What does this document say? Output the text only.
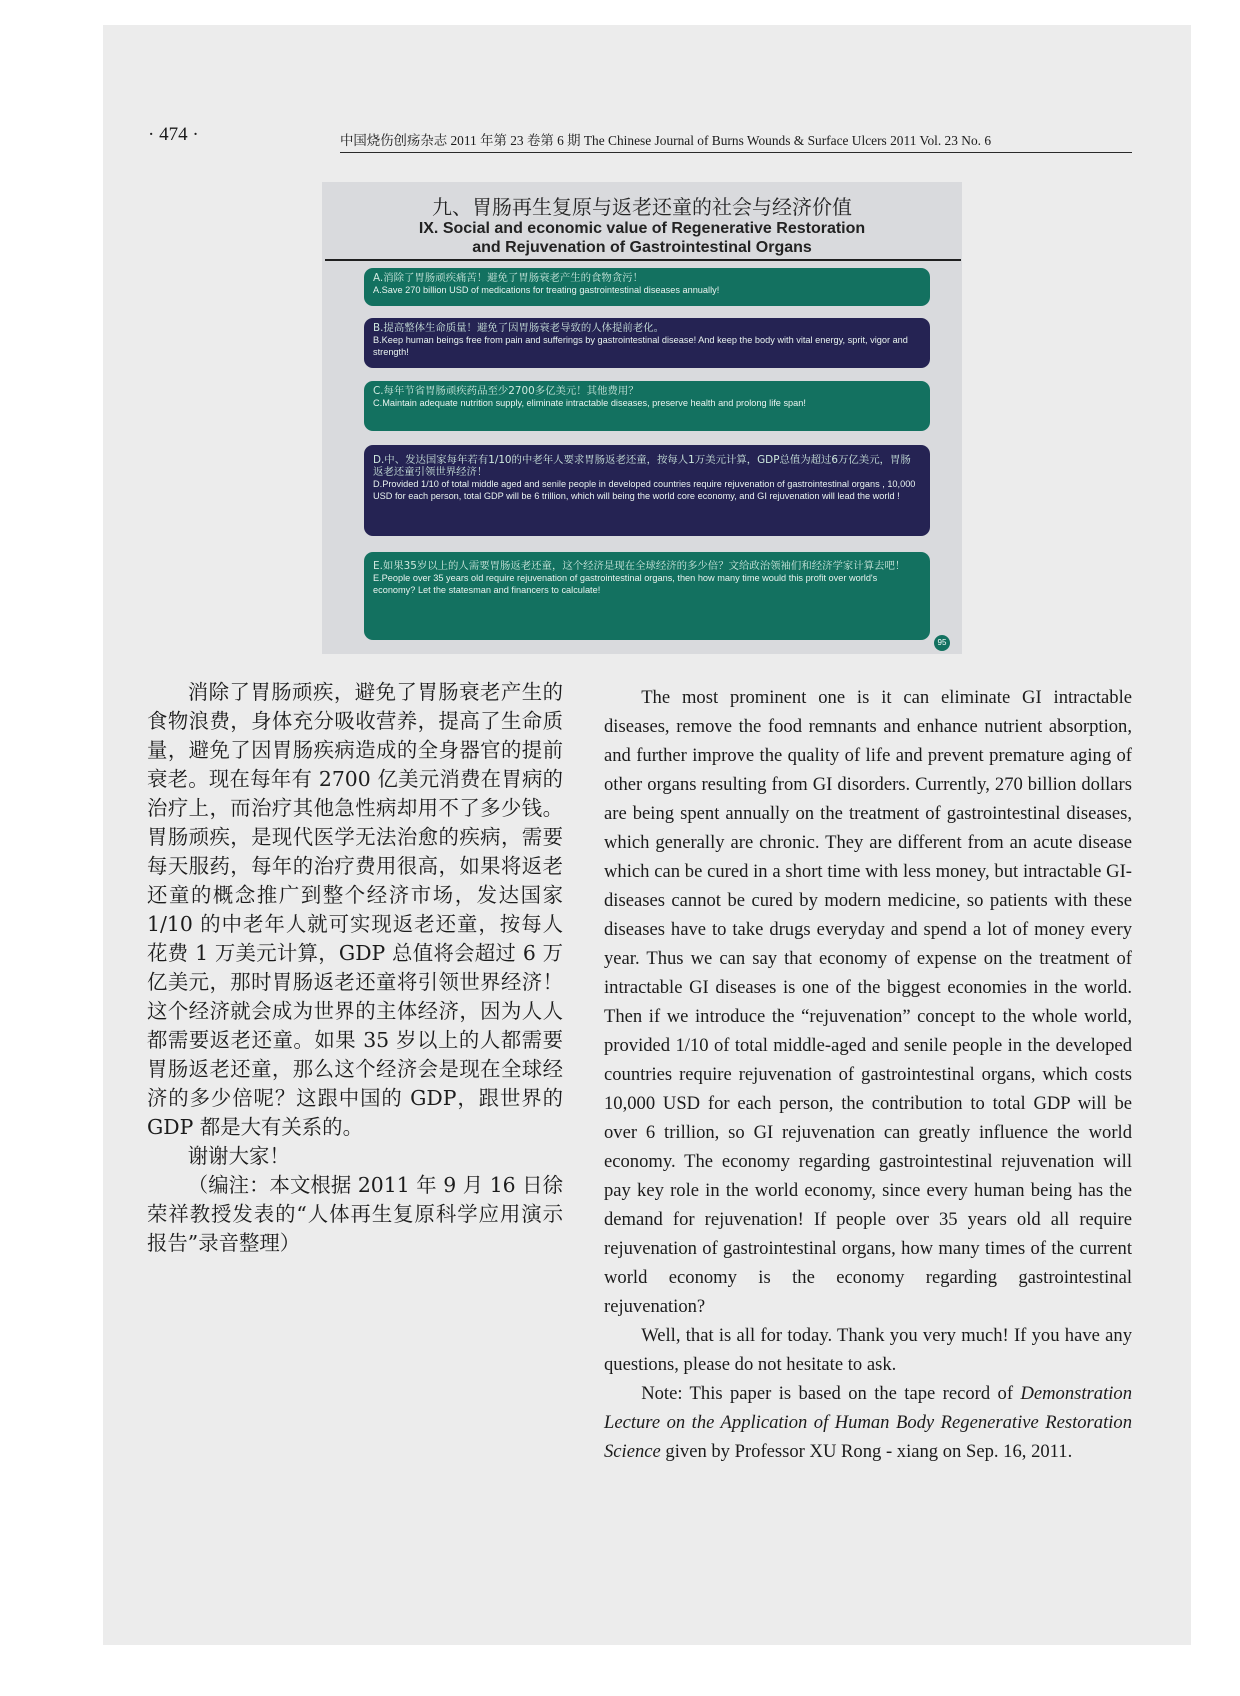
· 474 ·	中国烧伤创疡杂志 2011 年第 23 卷第 6 期 The Chinese Journal of Burns Wounds & Surface Ulcers 2011 Vol. 23 No. 6
九、胃肠再生复原与返老还童的社会与经济价值
IX. Social and economic value of Regenerative Restoration
and Rejuvenation of Gastrointestinal Organs
A.消除了胃肠顽疾痛苦！避免了胃肠衰老产生的食物贪污！
A.Save 270 billion USD of medications for treating gastrointestinal diseases annually!
B.提高整体生命质量！避免了因胃肠衰老导致的人体提前老化。
B.Keep human beings free from pain and sufferings by gastrointestinal disease! And keep the body with vital energy, sprit, vigor and strength!
C.每年节省胃肠顽疾药品至少2700多亿美元！其他费用？
C.Maintain adequate nutrition supply, eliminate intractable diseases, preserve health and prolong life span!
D.中、发达国家每年若有1/10的中老年人要求胃肠返老还童，按每人1万美元计算，GDP总值为超过6万亿美元，胃肠返老还童引领世界经济！
D.Provided 1/10 of total middle aged and senile people in developed countries require rejuvenation of gastrointestinal organs , 10,000 USD for each person, total GDP will be 6 trillion, which will being the world core economy, and GI rejuvenation will lead the world !
E.如果35岁以上的人需要胃肠返老还童，这个经济是现在全球经济的多少倍？文给政治领袖们和经济学家计算去吧！
E.People over 35 years old require rejuvenation of gastrointestinal organs, then how many time would this profit over world's economy? Let the statesman and financers to calculate!
95

消除了胃肠顽疾，避免了胃肠衰老产生的食物浪费，身体充分吸收营养，提高了生命质量，避免了因胃肠疾病造成的全身器官的提前衰老。现在每年有 2700 亿美元消费在胃病的治疗上，而治疗其他急性病却用不了多少钱。胃肠顽疾，是现代医学无法治愈的疾病，需要每天服药，每年的治疗费用很高，如果将返老还童的概念推广到整个经济市场，发达国家 1/10 的中老年人就可实现返老还童，按每人花费 1 万美元计算，GDP 总值将会超过 6 万亿美元，那时胃肠返老还童将引领世界经济！这个经济就会成为世界的主体经济，因为人人都需要返老还童。如果 35 岁以上的人都需要胃肠返老还童，那么这个经济会是现在全球经济的多少倍呢？这跟中国的 GDP，跟世界的 GDP 都是大有关系的。

谢谢大家！

（编注：本文根据 2011 年 9 月 16 日徐荣祥教授发表的“人体再生复原科学应用演示报告”录音整理）

The most prominent one is it can eliminate GI intractable diseases, remove the food remnants and enhance nutrient absorption, and further improve the quality of life and prevent premature aging of other organs resulting from GI disorders. Currently, 270 billion dollars are being spent annually on the treatment of gastrointestinal diseases, which generally are chronic. They are different from an acute disease which can be cured in a short time with less money, but intractable GI-diseases cannot be cured by modern medicine, so patients with these diseases have to take drugs everyday and spend a lot of money every year. Thus we can say that economy of expense on the treatment of intractable GI diseases is one of the biggest economies in the world. Then if we introduce the “rejuvenation” concept to the whole world, provided 1/10 of total middle-aged and senile people in the developed countries require rejuvenation of gastrointestinal organs, which costs 10,000 USD for each person, the contribution to total GDP will be over 6 trillion, so GI rejuvenation can greatly influence the world economy. The economy regarding gastrointestinal rejuvenation will pay key role in the world economy, since every human being has the demand for rejuvenation! If people over 35 years old all require rejuvenation of gastrointestinal organs, how many times of the current world economy is the economy regarding gastrointestinal rejuvenation?

Well, that is all for today. Thank you very much! If you have any questions, please do not hesitate to ask.

Note: This paper is based on the tape record of Demonstration Lecture on the Application of Human Body Regenerative Restoration Science given by Professor XU Rong - xiang on Sep. 16, 2011.
